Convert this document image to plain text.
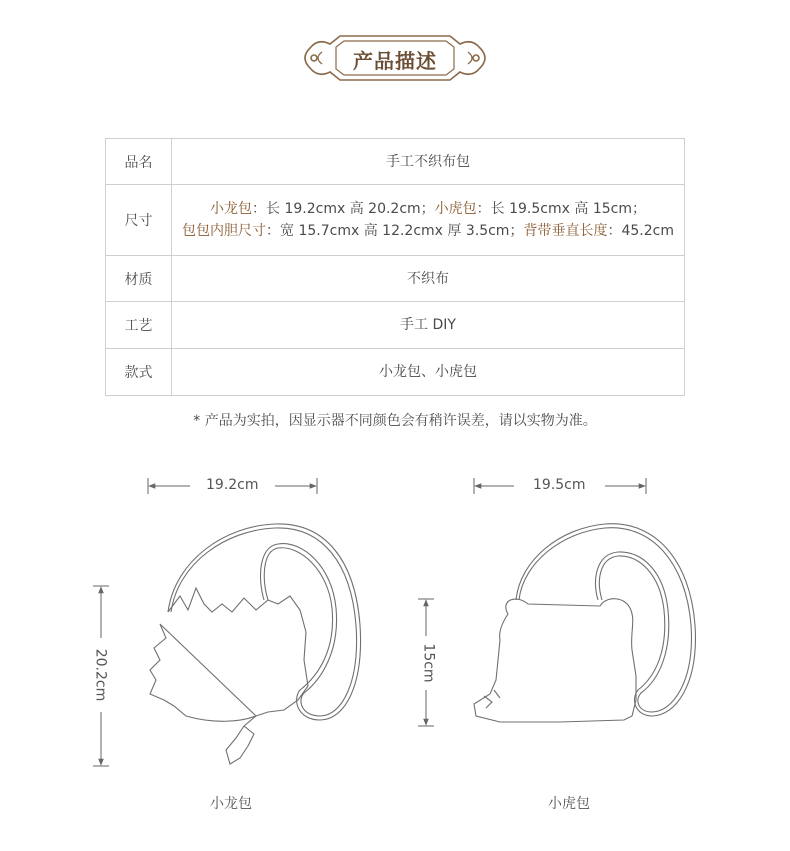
产品描述
品名	手工不织布包
尺寸	小龙包：长 19.2cmx 高 20.2cm；小虎包：长 19.5cmx 高 15cm；
包包内胆尺寸：宽 15.7cmx 高 12.2cmx 厚 3.5cm；背带垂直长度：45.2cm

材质	不织布
工艺	手工 DIY
款式	小龙包、小虎包
* 产品为实拍，因显示器不同颜色会有稍许误差，请以实物为准。
19.2cm
20.2cm
19.5cm
15cm
小龙包	小虎包
